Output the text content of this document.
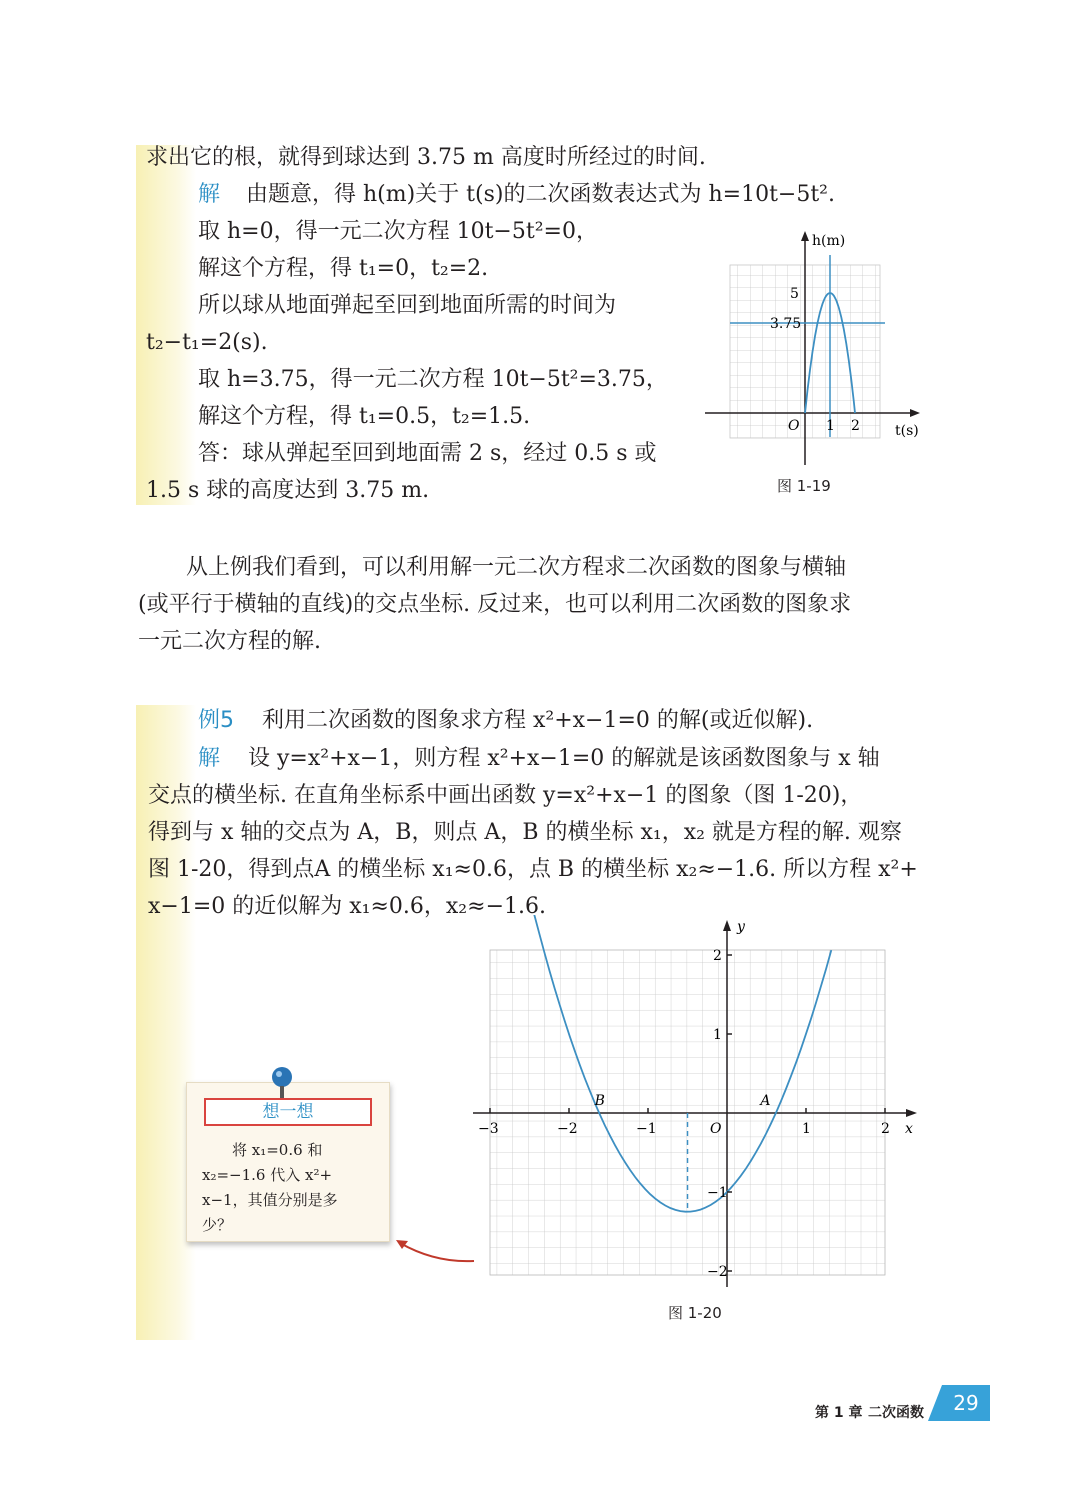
求出它的根，就得到球达到 3.75 m 高度时所经过的时间.
解 由题意，得 h(m)关于 t(s)的二次函数表达式为 h=10t−5t².
取 h=0，得一元二次方程 10t−5t²=0，
解这个方程，得 t₁=0，t₂=2.
所以球从地面弹起至回到地面所需的时间为
t₂−t₁=2(s).
取 h=3.75，得一元二次方程 10t−5t²=3.75，
解这个方程，得 t₁=0.5，t₂=1.5.
答：球从弹起至回到地面需 2 s，经过 0.5 s 或
1.5 s 球的高度达到 3.75 m.
h(m)
t(s)
O 1 2
5
3.75
图 1-19
从上例我们看到，可以利用解一元二次方程求二次函数的图象与横轴
(或平行于横轴的直线)的交点坐标. 反过来，也可以利用二次函数的图象求
一元二次方程的解.
例5 利用二次函数的图象求方程 x²+x−1=0 的解(或近似解).
解 设 y=x²+x−1，则方程 x²+x−1=0 的解就是该函数图象与 x 轴
交点的横坐标. 在直角坐标系中画出函数 y=x²+x−1 的图象（图 1-20)，
得到与 x 轴的交点为 A，B，则点 A，B 的横坐标 x₁，x₂ 就是方程的解. 观察
图 1-20，得到点A 的横坐标 x₁≈0.6，点 B 的横坐标 x₂≈−1.6. 所以方程 x²+
x−1=0 的近似解为 x₁≈0.6，x₂≈−1.6.
−3	−2	−1	1	2
2
1
−1
−2
O	x
y
A
B
图 1-20
想一想
将 x₁=0.6 和
x₂=−1.6 代入 x²+
x−1，其值分别是多
少？
第 1 章 二次函数	29
